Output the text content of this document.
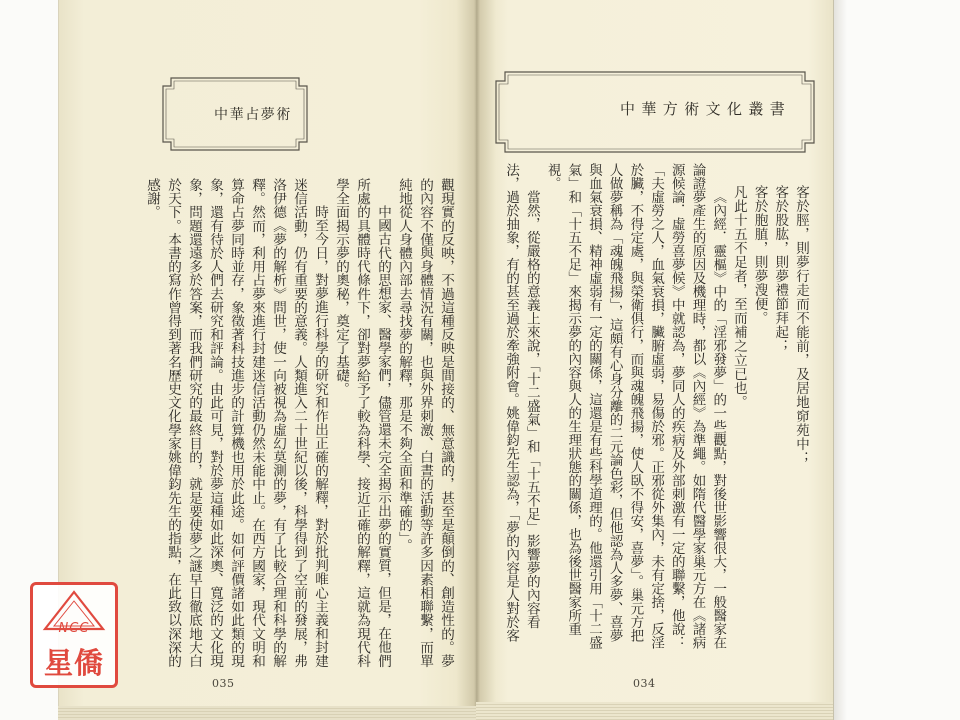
中華占夢術	中華方術文化叢書
觀現實的反映，不過這種反映是間接的、無意識的，甚至是顛倒的、創造性的。夢
的內容不僅與身體情況有關，也與外界刺激、白晝的活動等許多因素相聯繫，而單
純地從人身體內部去尋找夢的解釋，那是不夠全面和準確的」。
中國古代的思想家、醫學家們，儘管還未完全揭示出夢的實質，但是，在他們
所處的具體時代條件下，卻對夢給予了較為科學、接近正確的解釋，這就為現代科
學全面揭示夢的奧秘，奠定了基礎。
時至今日，對夢進行科學的研究和作出正確的解釋，對於批判唯心主義和封建
迷信活動，仍有重要的意義。人類進入二十世紀以後，科學得到了空前的發展，弗
洛伊德《夢的解析》問世，使一向被視為虛幻莫測的夢，有了比較合理和科學的解
釋。然而，利用占夢來進行封建迷信活動仍然未能中止。在西方國家，現代文明和
算命占夢同時並存，象徵著科技進步的計算機也用於此途。如何評價諸如此類的現
象，還有待於人們去研究和評論。由此可見，對於夢這種如此深奧、寬泛的文化現
象，問題還遠多於答案，而我們研究的最終目的，就是要使夢之謎早日徹底地大白
於天下。本書的寫作曾得到著名歷史文化學家姚偉鈞先生的指點，在此致以深深的
感謝。	客於脛，則夢行走而不能前，及居地窌苑中；
客於股肱，則夢禮節拜起；
客於胞䐈，則夢溲便。
凡此十五不足者，至而補之立已也。
《內經．靈樞》中的「淫邪發夢」的一些觀點，對後世影響很大，一般醫家在
論證夢產生的原因及機理時，都以《內經》為準繩。如隋代醫學家巢元方在《諸病
源候論．虛勞喜夢候》中就認為，夢同人的疾病及外部刺激有一定的聯繫，他說：
「夫虛勞之人，血氣衰損，臟腑虛弱，易傷於邪。正邪從外集內，未有定捨，反淫
於臟，不得定處，與榮衛俱行，而與魂魄飛揚，使人臥不得安，喜夢」。巢元方把
人做夢稱為「魂魄飛揚」，這頗有心身分離的二元論色彩，但他認為人多夢、喜夢
與血氣衰損、精神虛弱有一定的關係，這還是有些科學道理的。他還引用「十二盛
氣」和「十五不足」來揭示夢的內容與人的生理狀態的關係，也為後世醫家所重
視。
當然，從嚴格的意義上來說，「十二盛氣」和「十五不足」影響夢的內容看
法，過於抽象，有的甚至過於牽強附會。姚偉鈞先生認為，「夢的內容是人對於客
035	034
NCC
星僑
